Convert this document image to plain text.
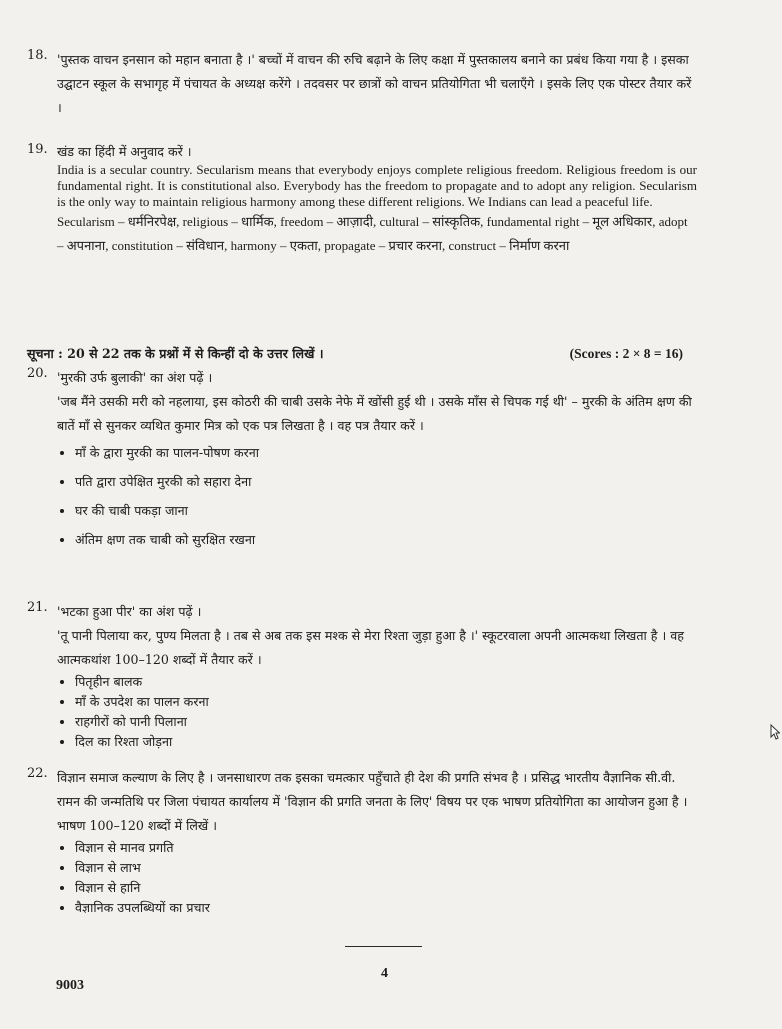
18. 'पुस्तक वाचन इनसान को महान बनाता है ।' बच्चों में वाचन की रुचि बढ़ाने के लिए कक्षा में पुस्तकालय बनाने का प्रबंध किया गया है । इसका उद्घाटन स्कूल के सभागृह में पंचायत के अध्यक्ष करेंगे । तदवसर पर छात्रों को वाचन प्रतियोगिता भी चलाएँगे । इसके लिए एक पोस्टर तैयार करें ।
19. खंड का हिंदी में अनुवाद करें ।
India is a secular country. Secularism means that everybody enjoys complete religious freedom. Religious freedom is our fundamental right. It is constitutional also. Everybody has the freedom to propagate and to adopt any religion. Secularism is the only way to maintain religious harmony among these different religions. We Indians can lead a peaceful life.
Secularism – धर्मनिरपेक्ष, religious – धार्मिक, freedom – आज़ादी, cultural – सांस्कृतिक, fundamental right – मूल अधिकार, adopt – अपनाना, constitution – संविधान, harmony – एकता, propagate – प्रचार करना, construct – निर्माण करना
सूचना : 20 से 22 तक के प्रश्नों में से किन्हीं दो के उत्तर लिखें ।	(Scores : 2 × 8 = 16)
20. 'मुरकी उर्फ बुलाकी' का अंश पढ़ें ।
'जब मैंने उसकी मरी को नहलाया, इस कोठरी की चाबी उसके नेफे में खोंसी हुई थी । उसके माँस से चिपक गई थी' – मुरकी के अंतिम क्षण की बातें माँ से सुनकर व्यथित कुमार मित्र को एक पत्र लिखता है । वह पत्र तैयार करें ।
• माँ के द्वारा मुरकी का पालन-पोषण करना
• पति द्वारा उपेक्षित मुरकी को सहारा देना
• घर की चाबी पकड़ा जाना
• अंतिम क्षण तक चाबी को सुरक्षित रखना
21. 'भटका हुआ पीर' का अंश पढ़ें ।
'तू पानी पिलाया कर, पुण्य मिलता है । तब से अब तक इस मश्क से मेरा रिश्ता जुड़ा हुआ है ।' स्कूटरवाला अपनी आत्मकथा लिखता है । वह आत्मकथांश 100–120 शब्दों में तैयार करें ।
• पितृहीन बालक
• माँ के उपदेश का पालन करना
• राहगीरों को पानी पिलाना
• दिल का रिश्ता जोड़ना
22. विज्ञान समाज कल्याण के लिए है । जनसाधारण तक इसका चमत्कार पहुँचाते ही देश की प्रगति संभव है । प्रसिद्ध भारतीय वैज्ञानिक सी.वी. रामन की जन्मतिथि पर जिला पंचायत कार्यालय में 'विज्ञान की प्रगति जनता के लिए' विषय पर एक भाषण प्रतियोगिता का आयोजन हुआ है । भाषण 100–120 शब्दों में लिखें ।
• विज्ञान से मानव प्रगति
• विज्ञान से लाभ
• विज्ञान से हानि
• वैज्ञानिक उपलब्धियों का प्रचार
4
9003
